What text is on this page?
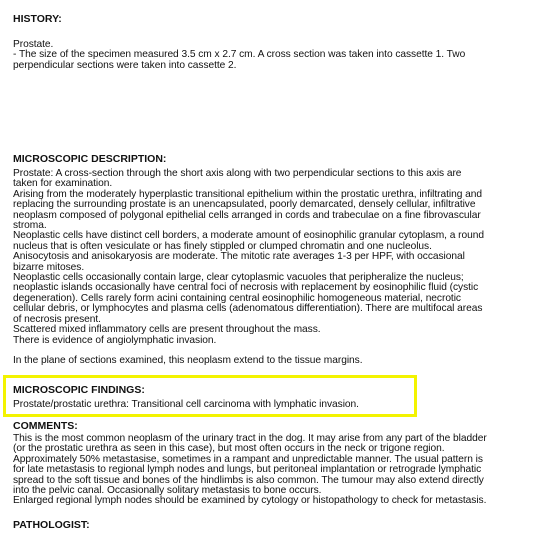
HISTORY:
Prostate.
- The size of the specimen measured 3.5 cm x 2.7 cm. A cross section was taken into cassette 1. Two
perpendicular sections were taken into cassette 2.
MICROSCOPIC DESCRIPTION:
Prostate: A cross-section through the short axis along with two perpendicular sections to this axis are
taken for examination.
Arising from the moderately hyperplastic transitional epithelium within the prostatic urethra, infiltrating and
replacing the surrounding prostate is an unencapsulated, poorly demarcated, densely cellular, infiltrative
neoplasm composed of polygonal epithelial cells arranged in cords and trabeculae on a fine fibrovascular
stroma.
Neoplastic cells have distinct cell borders, a moderate amount of eosinophilic granular cytoplasm, a round
nucleus that is often vesiculate or has finely stippled or clumped chromatin and one nucleolus.
Anisocytosis and anisokaryosis are moderate. The mitotic rate averages 1-3 per HPF, with occasional
bizarre mitoses.
Neoplastic cells occasionally contain large, clear cytoplasmic vacuoles that peripheralize the nucleus;
neoplastic islands occasionally have central foci of necrosis with replacement by eosinophilic fluid (cystic
degeneration). Cells rarely form acini containing central eosinophilic homogeneous material, necrotic
cellular debris, or lymphocytes and plasma cells (adenomatous differentiation). There are multifocal areas
of necrosis present.
Scattered mixed inflammatory cells are present throughout the mass.
There is evidence of angiolymphatic invasion.
In the plane of sections examined, this neoplasm extend to the tissue margins.
MICROSCOPIC FINDINGS:
Prostate/prostatic urethra: Transitional cell carcinoma with lymphatic invasion.
COMMENTS:
This is the most common neoplasm of the urinary tract in the dog. It may arise from any part of the bladder
(or the prostatic urethra as seen in this case), but most often occurs in the neck or trigone region.
Approximately 50% metastasise, sometimes in a rampant and unpredictable manner. The usual pattern is
for late metastasis to regional lymph nodes and lungs, but peritoneal implantation or retrograde lymphatic
spread to the soft tissue and bones of the hindlimbs is also common. The tumour may also extend directly
into the pelvic canal. Occasionally solitary metastasis to bone occurs.
Enlarged regional lymph nodes should be examined by cytology or histopathology to check for metastasis.
PATHOLOGIST:
